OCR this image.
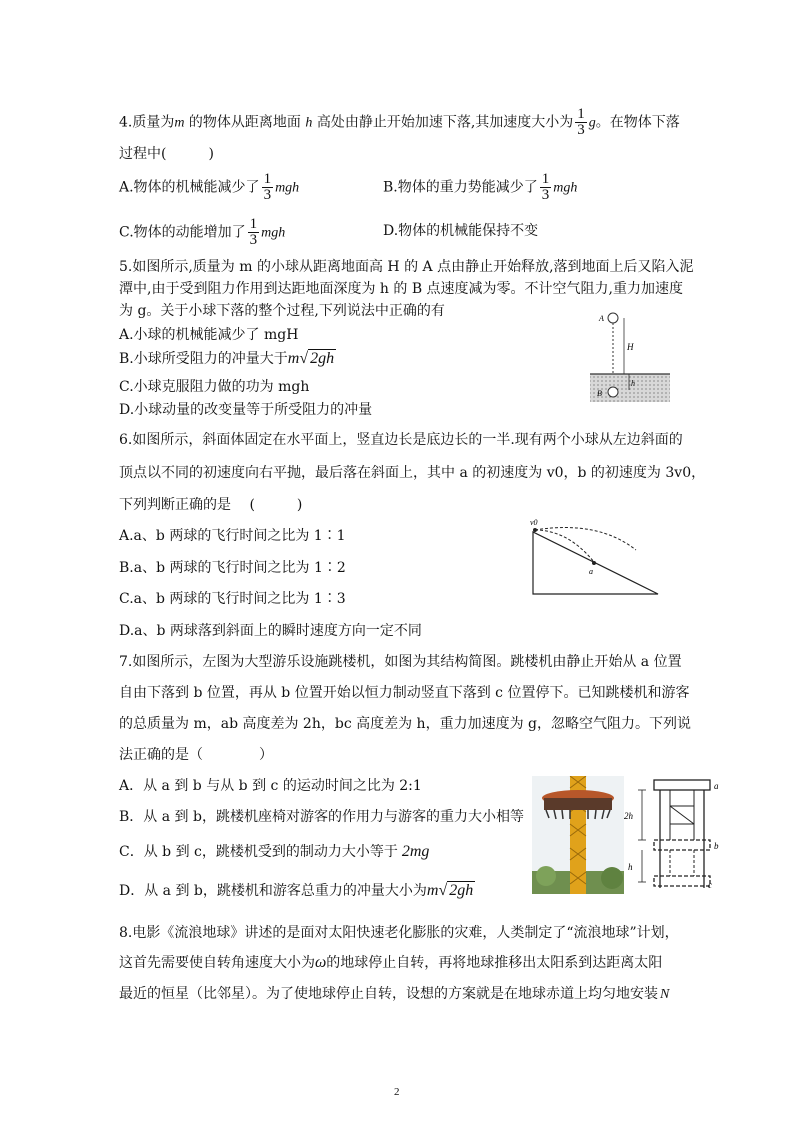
4.质量为m 的物体从距离地面 h 高处由静止开始加速下落,其加速度大小为 $\frac{1}{3}$ g。在物体下落
过程中(　　　)
A.物体的机械能减少了 $\frac{1}{3}$ mgh	B.物体的重力势能减少了 $\frac{1}{3}$ mgh
C.物体的动能增加了 $\frac{1}{3}$ mgh	D.物体的机械能保持不变
5.如图所示,质量为 m 的小球从距离地面高 H 的 A 点由静止开始释放,落到地面上后又陷入泥
潭中,由于受到阻力作用到达距地面深度为 h 的 B 点速度减为零。不计空气阻力,重力加速度
为 g。关于小球下落的整个过程,下列说法中正确的有
A.小球的机械能减少了 mgH
B.小球所受阻力的冲量大于m√ 2gh
C.小球克服阻力做的功为 mgh
D.小球动量的改变量等于所受阻力的冲量
A
H
h
B
6.如图所示，斜面体固定在水平面上，竖直边长是底边长的一半.现有两个小球从左边斜面的
顶点以不同的初速度向右平抛，最后落在斜面上，其中 a 的初速度为 v0，b 的初速度为 3v0，
下列判断正确的是　 (　　　)
A.a、b 两球的飞行时间之比为 1∶1
B.a、b 两球的飞行时间之比为 1∶2
C.a、b 两球的飞行时间之比为 1∶3
D.a、b 两球落到斜面上的瞬时速度方向一定不同
v0
a
7.如图所示，左图为大型游乐设施跳楼机，如图为其结构简图。跳楼机由静止开始从 a 位置
自由下落到 b 位置，再从 b 位置开始以恒力制动竖直下落到 c 位置停下。已知跳楼机和游客
的总质量为 m，ab 高度差为 2h，bc 高度差为 h，重力加速度为 g，忽略空气阻力。下列说
法正确的是（　　　　）
A．从 a 到 b 与从 b 到 c 的运动时间之比为 2:1
B．从 a 到 b，跳楼机座椅对游客的作用力与游客的重力大小相等
C．从 b 到 c，跳楼机受到的制动力大小等于 2mg
D．从 a 到 b，跳楼机和游客总重力的冲量大小为m√ 2gh
a
b
c
2h
h
8.电影《流浪地球》讲述的是面对太阳快速老化膨胀的灾难，人类制定了“流浪地球”计划，
这首先需要使自转角速度大小为ω的地球停止自转，再将地球推移出太阳系到达距离太阳
最近的恒星（比邻星）。为了使地球停止自转，设想的方案就是在地球赤道上均匀地安装 N
2
